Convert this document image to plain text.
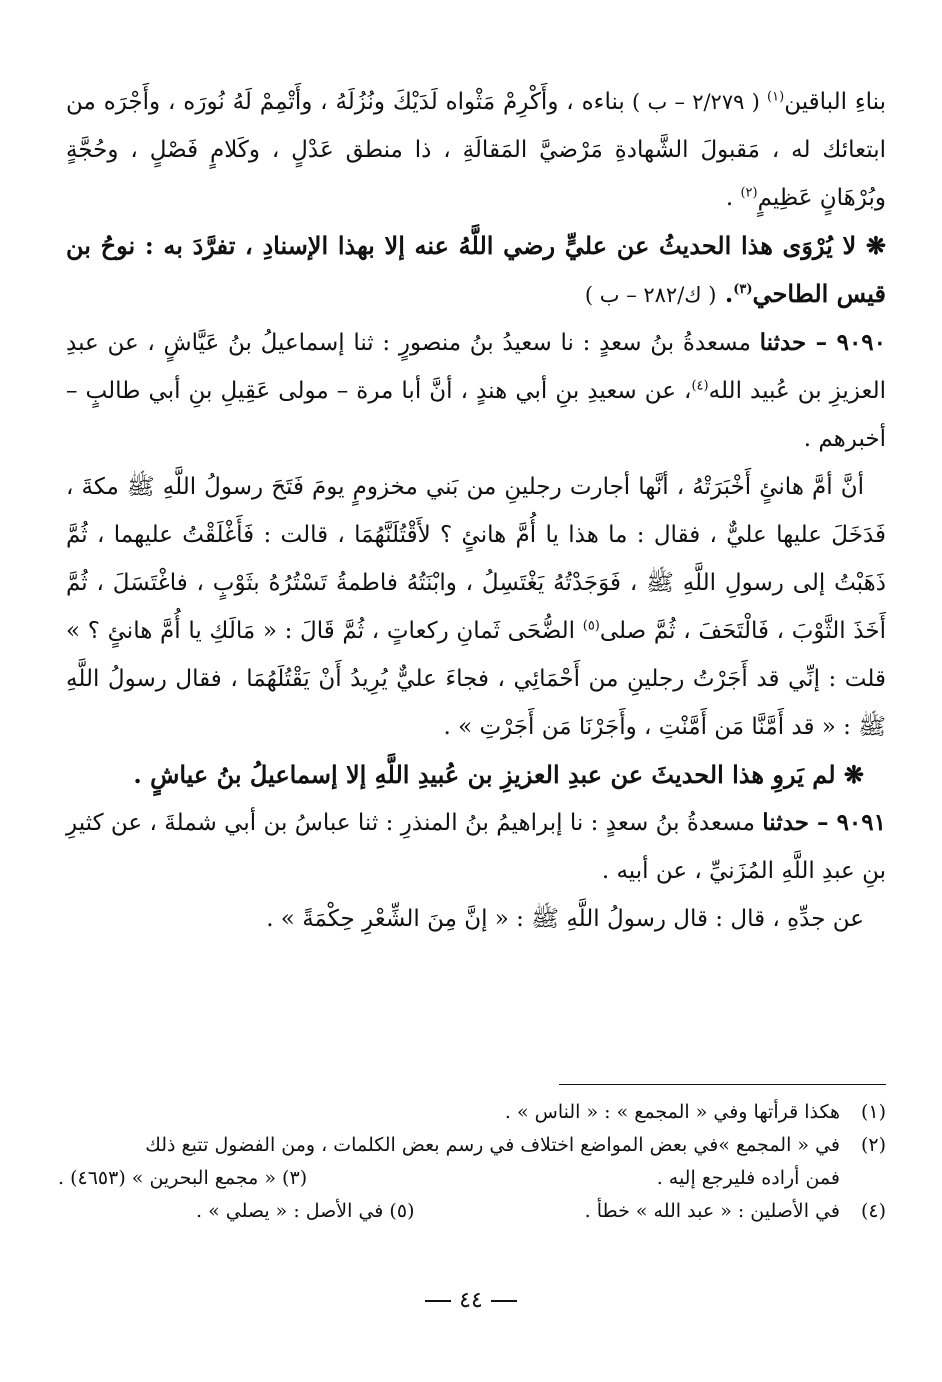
بناءِ الباقين$^{(١)}$ ( ٢/٢٧٩ – ب ) بناءه ، وأَكْرِمْ مَثْواه لَدَيْكَ ونُزُلَهُ ، وأَتْمِمْ لَهُ نُورَه ، وأَجْرَه من ابتعائك له ، مَقبولَ الشَّهادةِ مَرْضيَّ المَقالَةِ ، ذا منطق عَدْلٍ ، وكَلامٍ فَصْلٍ ، وحُجَّةٍ وبُرْهَانٍ عَظِيمٍ$^{(٢)}$ .

❋ لا يُرْوَى هذا الحديثُ عن عليٍّ رضي اللَّهُ عنه إلا بهذا الإسنادِ ، تفرَّدَ به : نوحُ بن قيس الطاحي$^{(٣)}$. ( ك/٢٨٢ – ب )

٩٠٩٠ – حدثنا مسعدةُ بنُ سعدٍ : نا سعيدُ بنُ منصورٍ : ثنا إسماعيلُ بنُ عَيَّاشٍ ، عن عبدِ العزيزِ بن عُبيد الله$^{(٤)}$، عن سعيدِ بنِ أبي هندٍ ، أنَّ أبا مرة – مولى عَقِيلِ بنِ أبي طالبٍ – أخبرهم .

أنَّ أمَّ هانئٍ أَخْبَرَتْهُ ، أنَّها أجارت رجلينِ من بَني مخزومٍ يومَ فَتَحَ رسولُ اللَّهِ ﷺ مكةَ ، فَدَخَلَ عليها عليٌّ ، فقال : ما هذا يا أُمَّ هانئٍ ؟ لأَقْتُلَنَّهُمَا ، قالت : فَأَغْلَقْتُ عليهما ، ثُمَّ ذَهَبْتُ إلى رسولِ اللَّهِ ﷺ ، فَوَجَدْتُهُ يَغْتَسِلُ ، وابْنَتُهُ فاطمةُ تَسْتُرُهُ بثَوْبٍ ، فاغْتَسَلَ ، ثُمَّ أَخَذَ الثَّوْبَ ، فَالْتَحَفَ ، ثُمَّ صلى$^{(٥)}$ الضُّحَى ثَمانِ ركعاتٍ ، ثُمَّ قَالَ : « مَالَكِ يا أُمَّ هانئٍ ؟ » قلت : إنِّي قد أَجَرْتُ رجلينِ من أَحْمَائِي ، فجاءَ عليٌّ يُرِيدُ أَنْ يَقْتُلَهُمَا ، فقال رسولُ اللَّهِ ﷺ : « قد أَمَّنَّا مَن أَمَّنْتِ ، وأَجَرْنَا مَن أَجَرْتِ » .

❋ لم يَروِ هذا الحديثَ عن عبدِ العزيزِ بن عُبيدِ اللَّهِ إلا إسماعيلُ بنُ عياشٍ .

٩٠٩١ – حدثنا مسعدةُ بنُ سعدٍ : نا إبراهيمُ بنُ المنذرِ : ثنا عباسُ بن أبي شملةَ ، عن كثيرِ بنِ عبدِ اللَّهِ المُزَنيِّ ، عن أبيه .

عن جدِّهِ ، قال : قال رسولُ اللَّهِ ﷺ : « إنَّ مِنَ الشِّعْرِ حِكْمَةً » .

(١)
هكذا قرأتها وفي « المجمع » : « الناس » .
(٢)
في « المجمع »في بعض المواضع اختلاف في رسم بعض الكلمات ، ومن الفضول تتبع ذلك
فمن أراده فليرجع إليه .
(٣) « مجمع البحرين » (٤٦٥٣) .
(٤)
في الأصلين : « عبد الله » خطأ .
(٥) في الأصل : « يصلي » .
٤٤
